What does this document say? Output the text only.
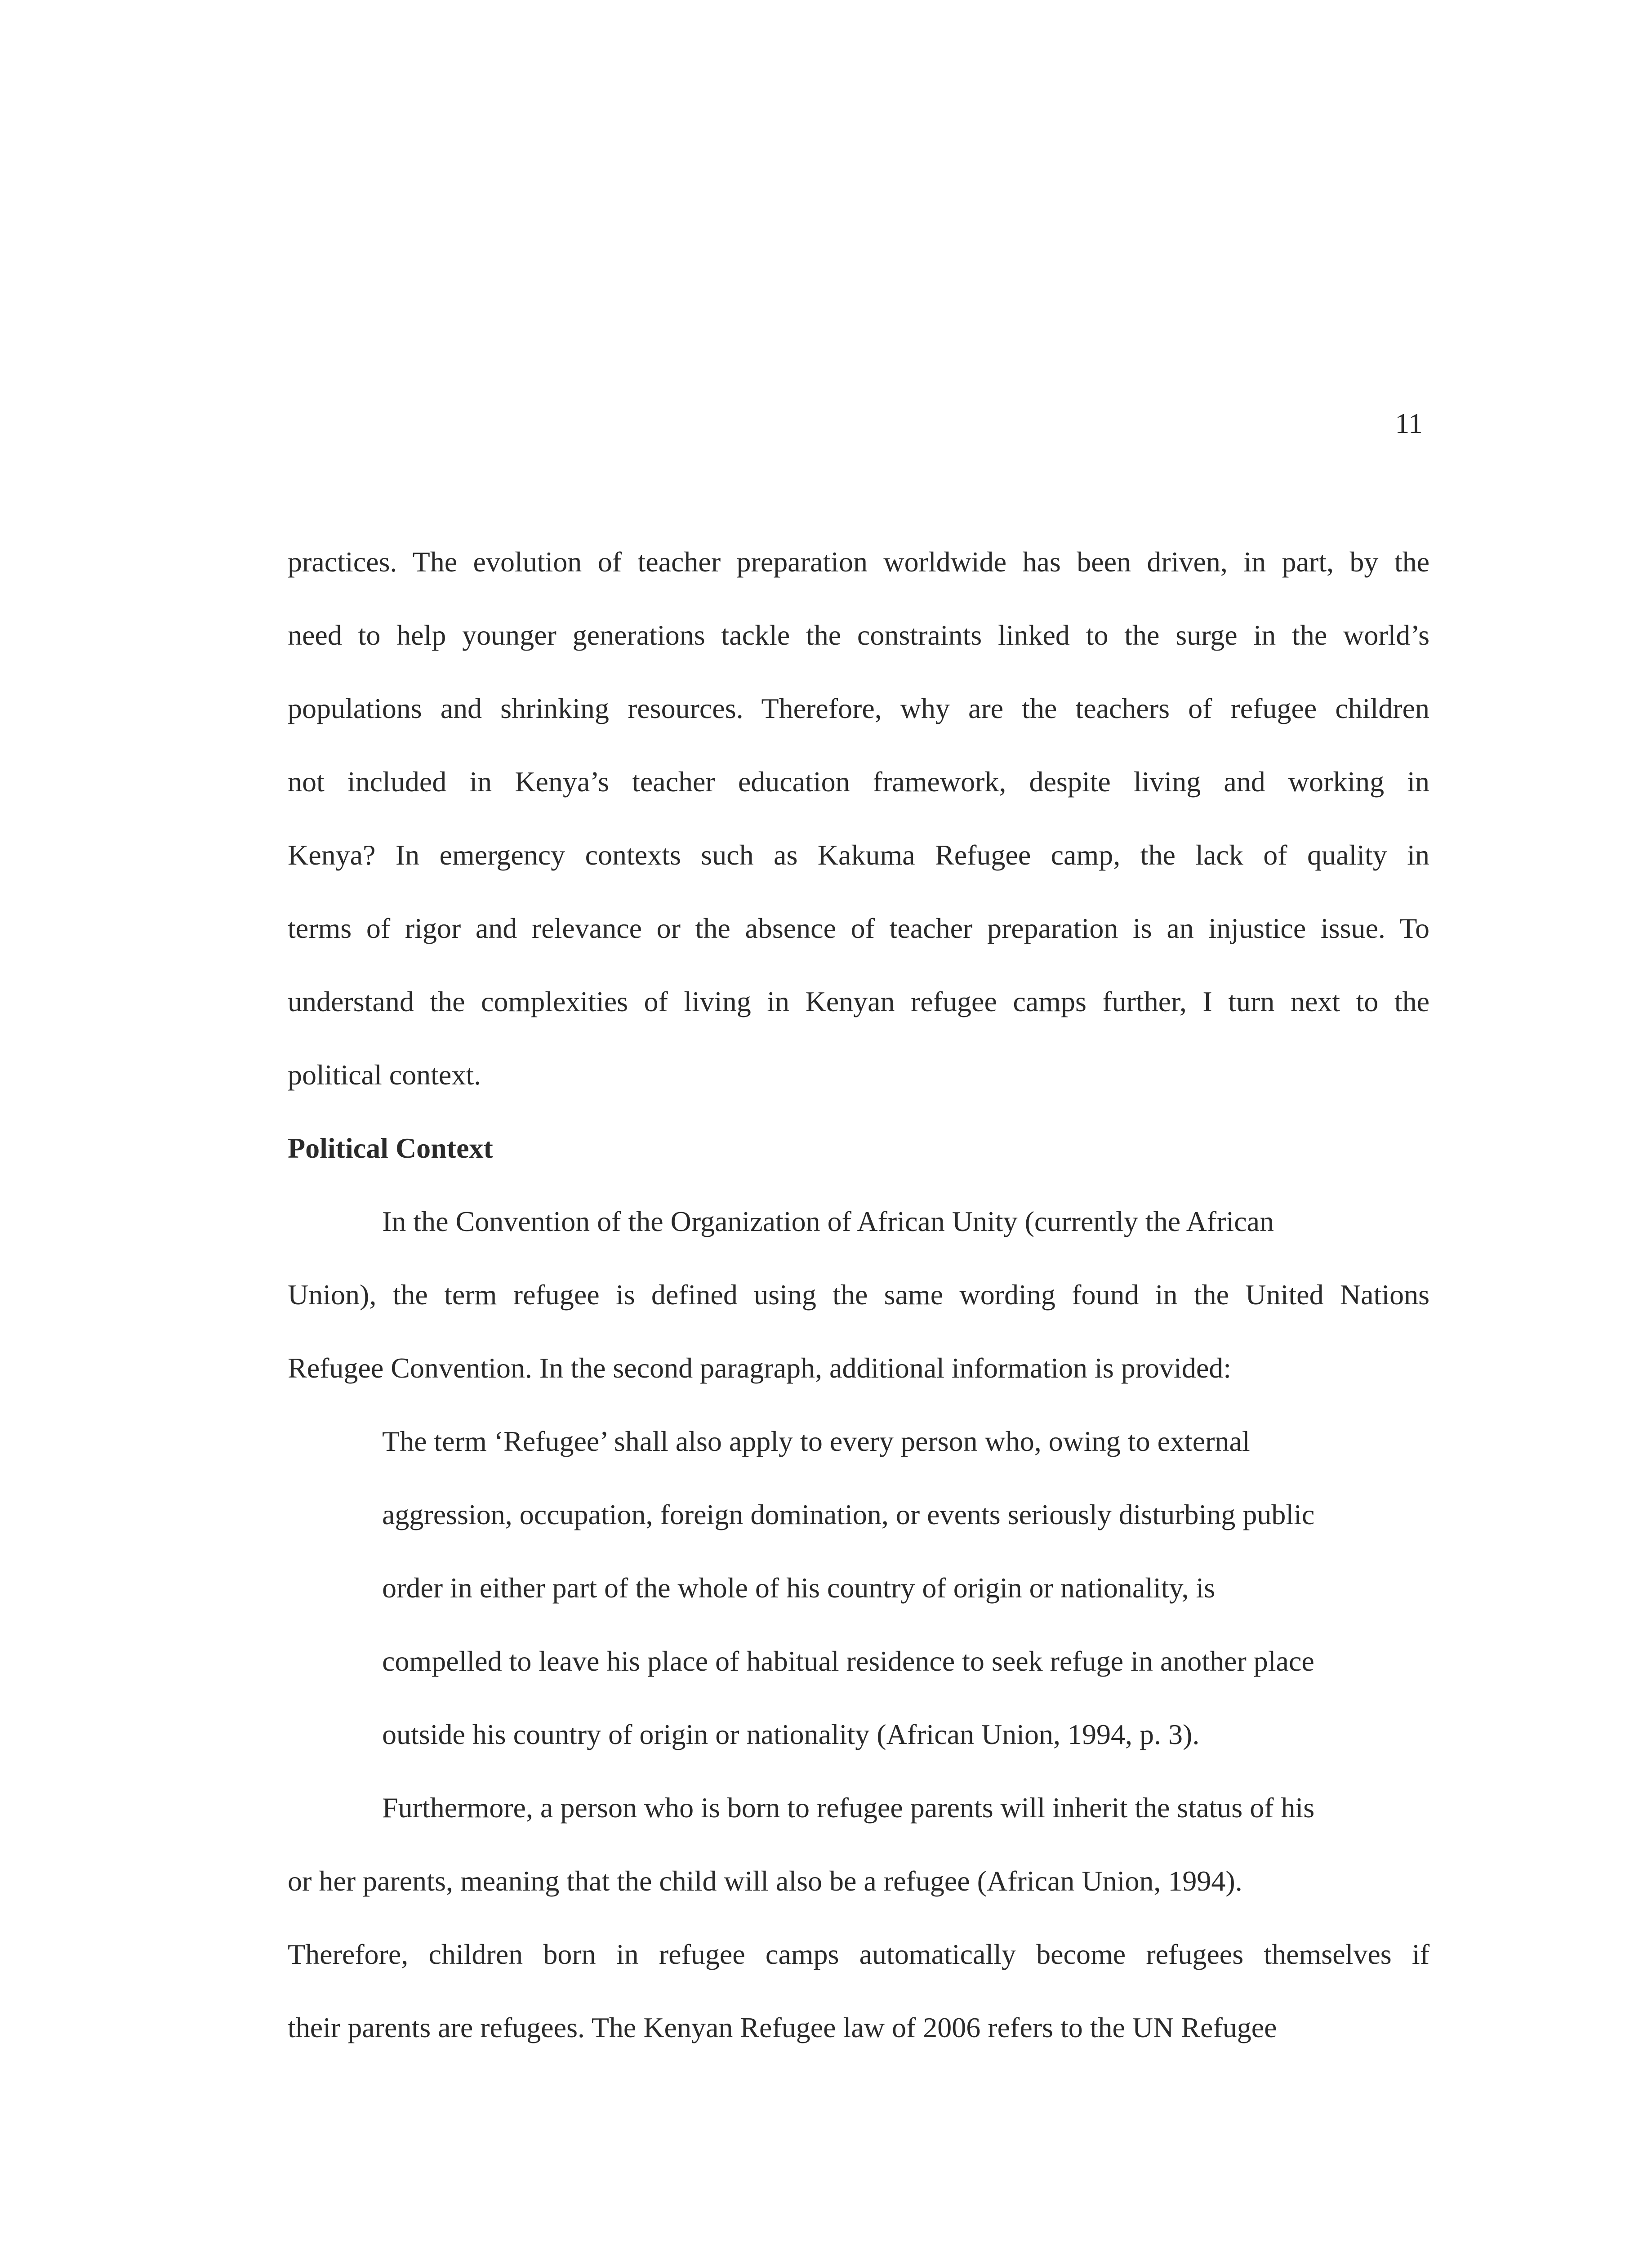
11
practices. The evolution of teacher preparation worldwide has been driven, in part, by the
need to help younger generations tackle the constraints linked to the surge in the world’s
populations and shrinking resources. Therefore, why are the teachers of refugee children
not included in Kenya’s teacher education framework, despite living and working in
Kenya? In emergency contexts such as Kakuma Refugee camp, the lack of quality in
terms of rigor and relevance or the absence of teacher preparation is an injustice issue. To
understand the complexities of living in Kenyan refugee camps further, I turn next to the
political context.
Political Context
In the Convention of the Organization of African Unity (currently the African
Union), the term refugee is defined using the same wording found in the United Nations
Refugee Convention. In the second paragraph, additional information is provided:
The term ‘Refugee’ shall also apply to every person who, owing to external
aggression, occupation, foreign domination, or events seriously disturbing public
order in either part of the whole of his country of origin or nationality, is
compelled to leave his place of habitual residence to seek refuge in another place
outside his country of origin or nationality (African Union, 1994, p. 3).
Furthermore, a person who is born to refugee parents will inherit the status of his
or her parents, meaning that the child will also be a refugee (African Union, 1994).
Therefore, children born in refugee camps automatically become refugees themselves if
their parents are refugees. The Kenyan Refugee law of 2006 refers to the UN Refugee
